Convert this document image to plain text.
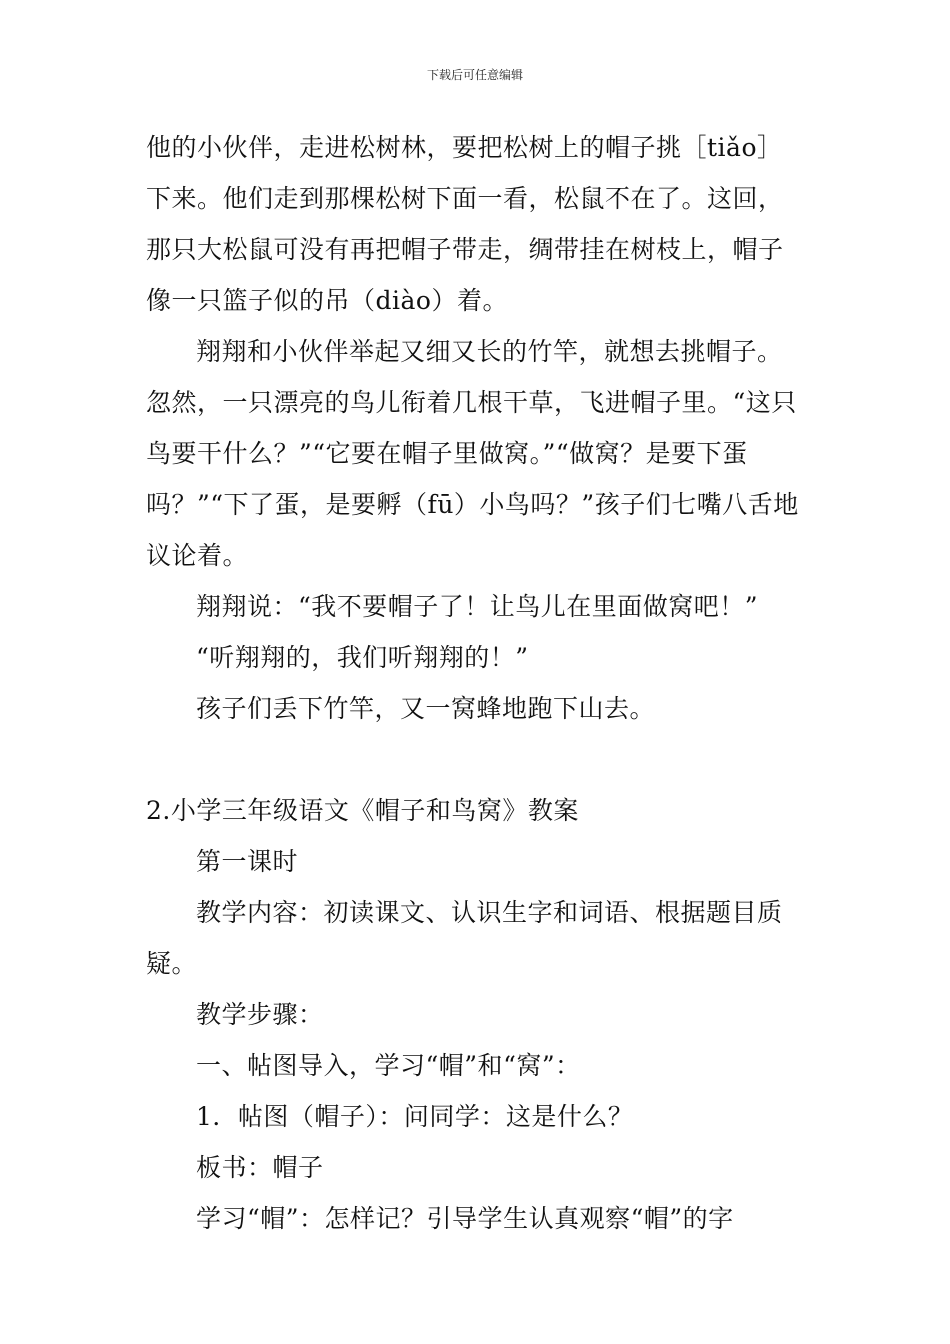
下载后可任意编辑

他的小伙伴，走进松树林，要把松树上的帽子挑［tiǎo］下来。他们走到那棵松树下面一看，松鼠不在了。这回，那只大松鼠可没有再把帽子带走，绸带挂在树枝上，帽子像一只篮子似的吊（diào）着。

翔翔和小伙伴举起又细又长的竹竿，就想去挑帽子。忽然，一只漂亮的鸟儿衔着几根干草，飞进帽子里。“这只鸟要干什么？”“它要在帽子里做窝。”“做窝？是要下蛋吗？”“下了蛋，是要孵（fū）小鸟吗？”孩子们七嘴八舌地议论着。

翔翔说：“我不要帽子了！让鸟儿在里面做窝吧！”

“听翔翔的，我们听翔翔的！”

孩子们丢下竹竿，又一窝蜂地跑下山去。

2.小学三年级语文《帽子和鸟窝》教案

第一课时

教学内容：初读课文、认识生字和词语、根据题目质疑。

教学步骤：

一、帖图导入，学习“帽”和“窝”：

1．帖图（帽子）：问同学：这是什么？

板书：帽子

学习“帽”：怎样记？引导学生认真观察“帽”的字
